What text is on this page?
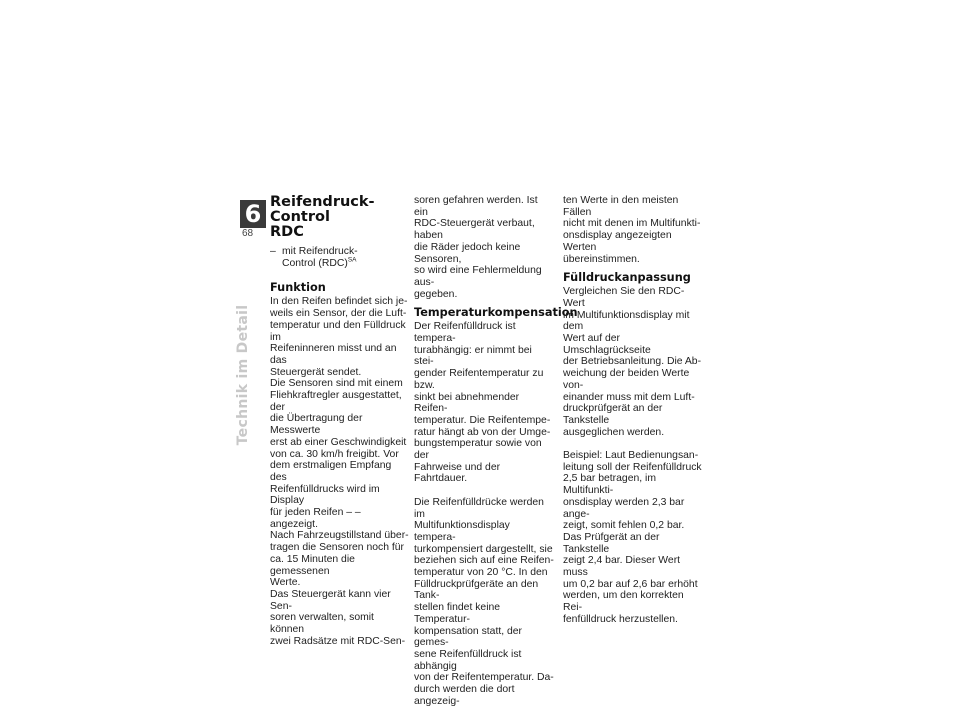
6
68
Technik im Detail
Reifendruck-Control
RDC
– mit Reifendruck-
Control (RDC)$^{SA}$
Funktion

In den Reifen befindet sich je-
weils ein Sensor, der die Luft-
temperatur und den Fülldruck im
Reifeninneren misst und an das
Steuergerät sendet.

Die Sensoren sind mit einem
Fliehkraftregler ausgestattet, der
die Übertragung der Messwerte
erst ab einer Geschwindigkeit
von ca. 30 km/h freigibt. Vor
dem erstmaligen Empfang des
Reifenfülldrucks wird im Display
für jeden Reifen – – angezeigt.
Nach Fahrzeugstillstand über-
tragen die Sensoren noch für
ca. 15 Minuten die gemessenen
Werte.

Das Steuergerät kann vier Sen-
soren verwalten, somit können
zwei Radsätze mit RDC-Sen-

soren gefahren werden. Ist ein
RDC-Steuergerät verbaut, haben
die Räder jedoch keine Sensoren,
so wird eine Fehlermeldung aus-
gegeben.

Temperaturkompensation

Der Reifenfülldruck ist tempera-
turabhängig: er nimmt bei stei-
gender Reifentemperatur zu bzw.
sinkt bei abnehmender Reifen-
temperatur. Die Reifentempe-
ratur hängt ab von der Umge-
bungstemperatur sowie von der
Fahrweise und der Fahrtdauer.

Die Reifenfülldrücke werden im
Multifunktionsdisplay tempera-
turkompensiert dargestellt, sie
beziehen sich auf eine Reifen-
temperatur von 20 °C. In den
Fülldruckprüfgeräte an den Tank-
stellen findet keine Temperatur-
kompensation statt, der gemes-
sene Reifenfülldruck ist abhängig
von der Reifentemperatur. Da-
durch werden die dort angezeig-

ten Werte in den meisten Fällen
nicht mit denen im Multifunkti-
onsdisplay angezeigten Werten
übereinstimmen.

Fülldruckanpassung

Vergleichen Sie den RDC-Wert
im Multifunktionsdisplay mit dem
Wert auf der Umschlagrückseite
der Betriebsanleitung. Die Ab-
weichung der beiden Werte von-
einander muss mit dem Luft-
druckprüfgerät an der Tankstelle
ausgeglichen werden.

Beispiel: Laut Bedienungsan-
leitung soll der Reifenfülldruck
2,5 bar betragen, im Multifunkti-
onsdisplay werden 2,3 bar ange-
zeigt, somit fehlen 0,2 bar.

Das Prüfgerät an der Tankstelle
zeigt 2,4 bar. Dieser Wert muss
um 0,2 bar auf 2,6 bar erhöht
werden, um den korrekten Rei-
fenfülldruck herzustellen.
